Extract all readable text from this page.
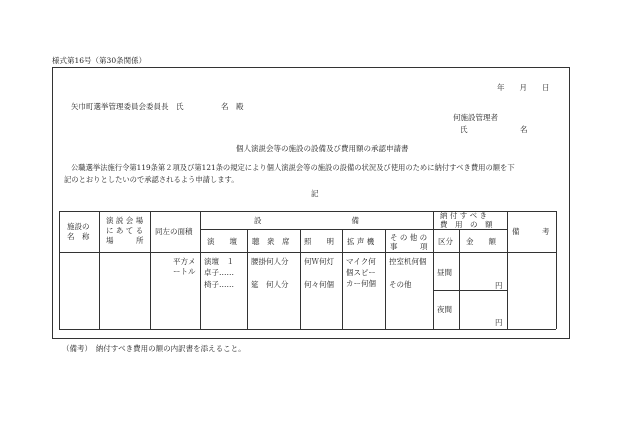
様式第16号（第30条関係）
年　　月　　日
矢巾町選挙管理委員会委員長　氏　　　　　名　殿
何施設管理者
氏　　　　　　　名
個人演説会等の施設の設備及び費用額の承認申請書
公職選挙法施行令第119条第２項及び第121条の規定により個人演説会等の施設の設備の状況及び使用のために納付すべき費用の額を下
記のとおりとしたいので承認されるよう申請します。
記
施設の
名　称
演 説 会 場
に あ て る
場　　　所
同左の面積
設　　　　　　　　　　　　備
演　　壇 聴　衆　席 照　　明 拡 声 機 そ の 他 の
事　　　項
納 付 す べ き
費　用　の　額
区分 金　　額
備　　　考
平方メ
ートル
演壇　１
卓子……
椅子……
腰掛何人分
筵　何人分
何Ｗ何灯
何々何個
マイク何
個スピー
カー何個
控室机何個
その他
昼間
夜間
円
円
（備考）　納付すべき費用の額の内訳書を添えること。
